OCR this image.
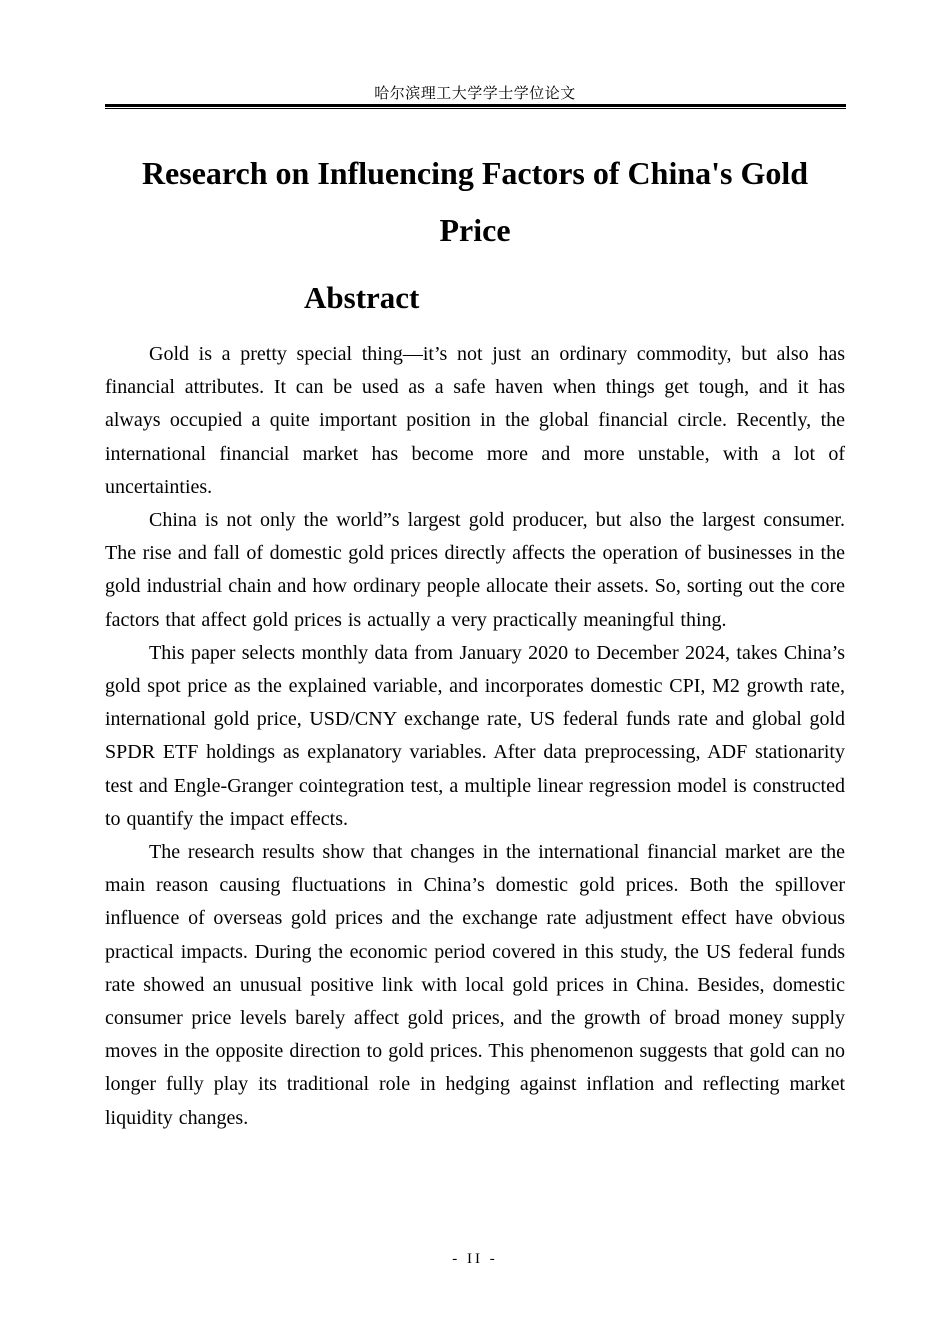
哈尔滨理工大学学士学位论文
Research on Influencing Factors of China's Gold Price
Abstract

Gold is a pretty special thing—it’s not just an ordinary commodity, but also has financial attributes. It can be used as a safe haven when things get tough, and it has always occupied a quite important position in the global financial circle. Recently, the international financial market has become more and more unstable, with a lot of uncertainties.

China is not only the world”s largest gold producer, but also the largest consumer. The rise and fall of domestic gold prices directly affects the operation of businesses in the gold industrial chain and how ordinary people allocate their assets. So, sorting out the core factors that affect gold prices is actually a very practically meaningful thing.

This paper selects monthly data from January 2020 to December 2024, takes China’s gold spot price as the explained variable, and incorporates domestic CPI, M2 growth rate, international gold price, USD/CNY exchange rate, US federal funds rate and global gold SPDR ETF holdings as explanatory variables. After data preprocessing, ADF stationarity test and Engle-Granger cointegration test, a multiple linear regression model is constructed to quantify the impact effects.

The research results show that changes in the international financial market are the main reason causing fluctuations in China’s domestic gold prices. Both the spillover influence of overseas gold prices and the exchange rate adjustment effect have obvious practical impacts. During the economic period covered in this study, the US federal funds rate showed an unusual positive link with local gold prices in China. Besides, domestic consumer price levels barely affect gold prices, and the growth of broad money supply moves in the opposite direction to gold prices. This phenomenon suggests that gold can no longer fully play its traditional role in hedging against inflation and reflecting market liquidity changes.

- II -
